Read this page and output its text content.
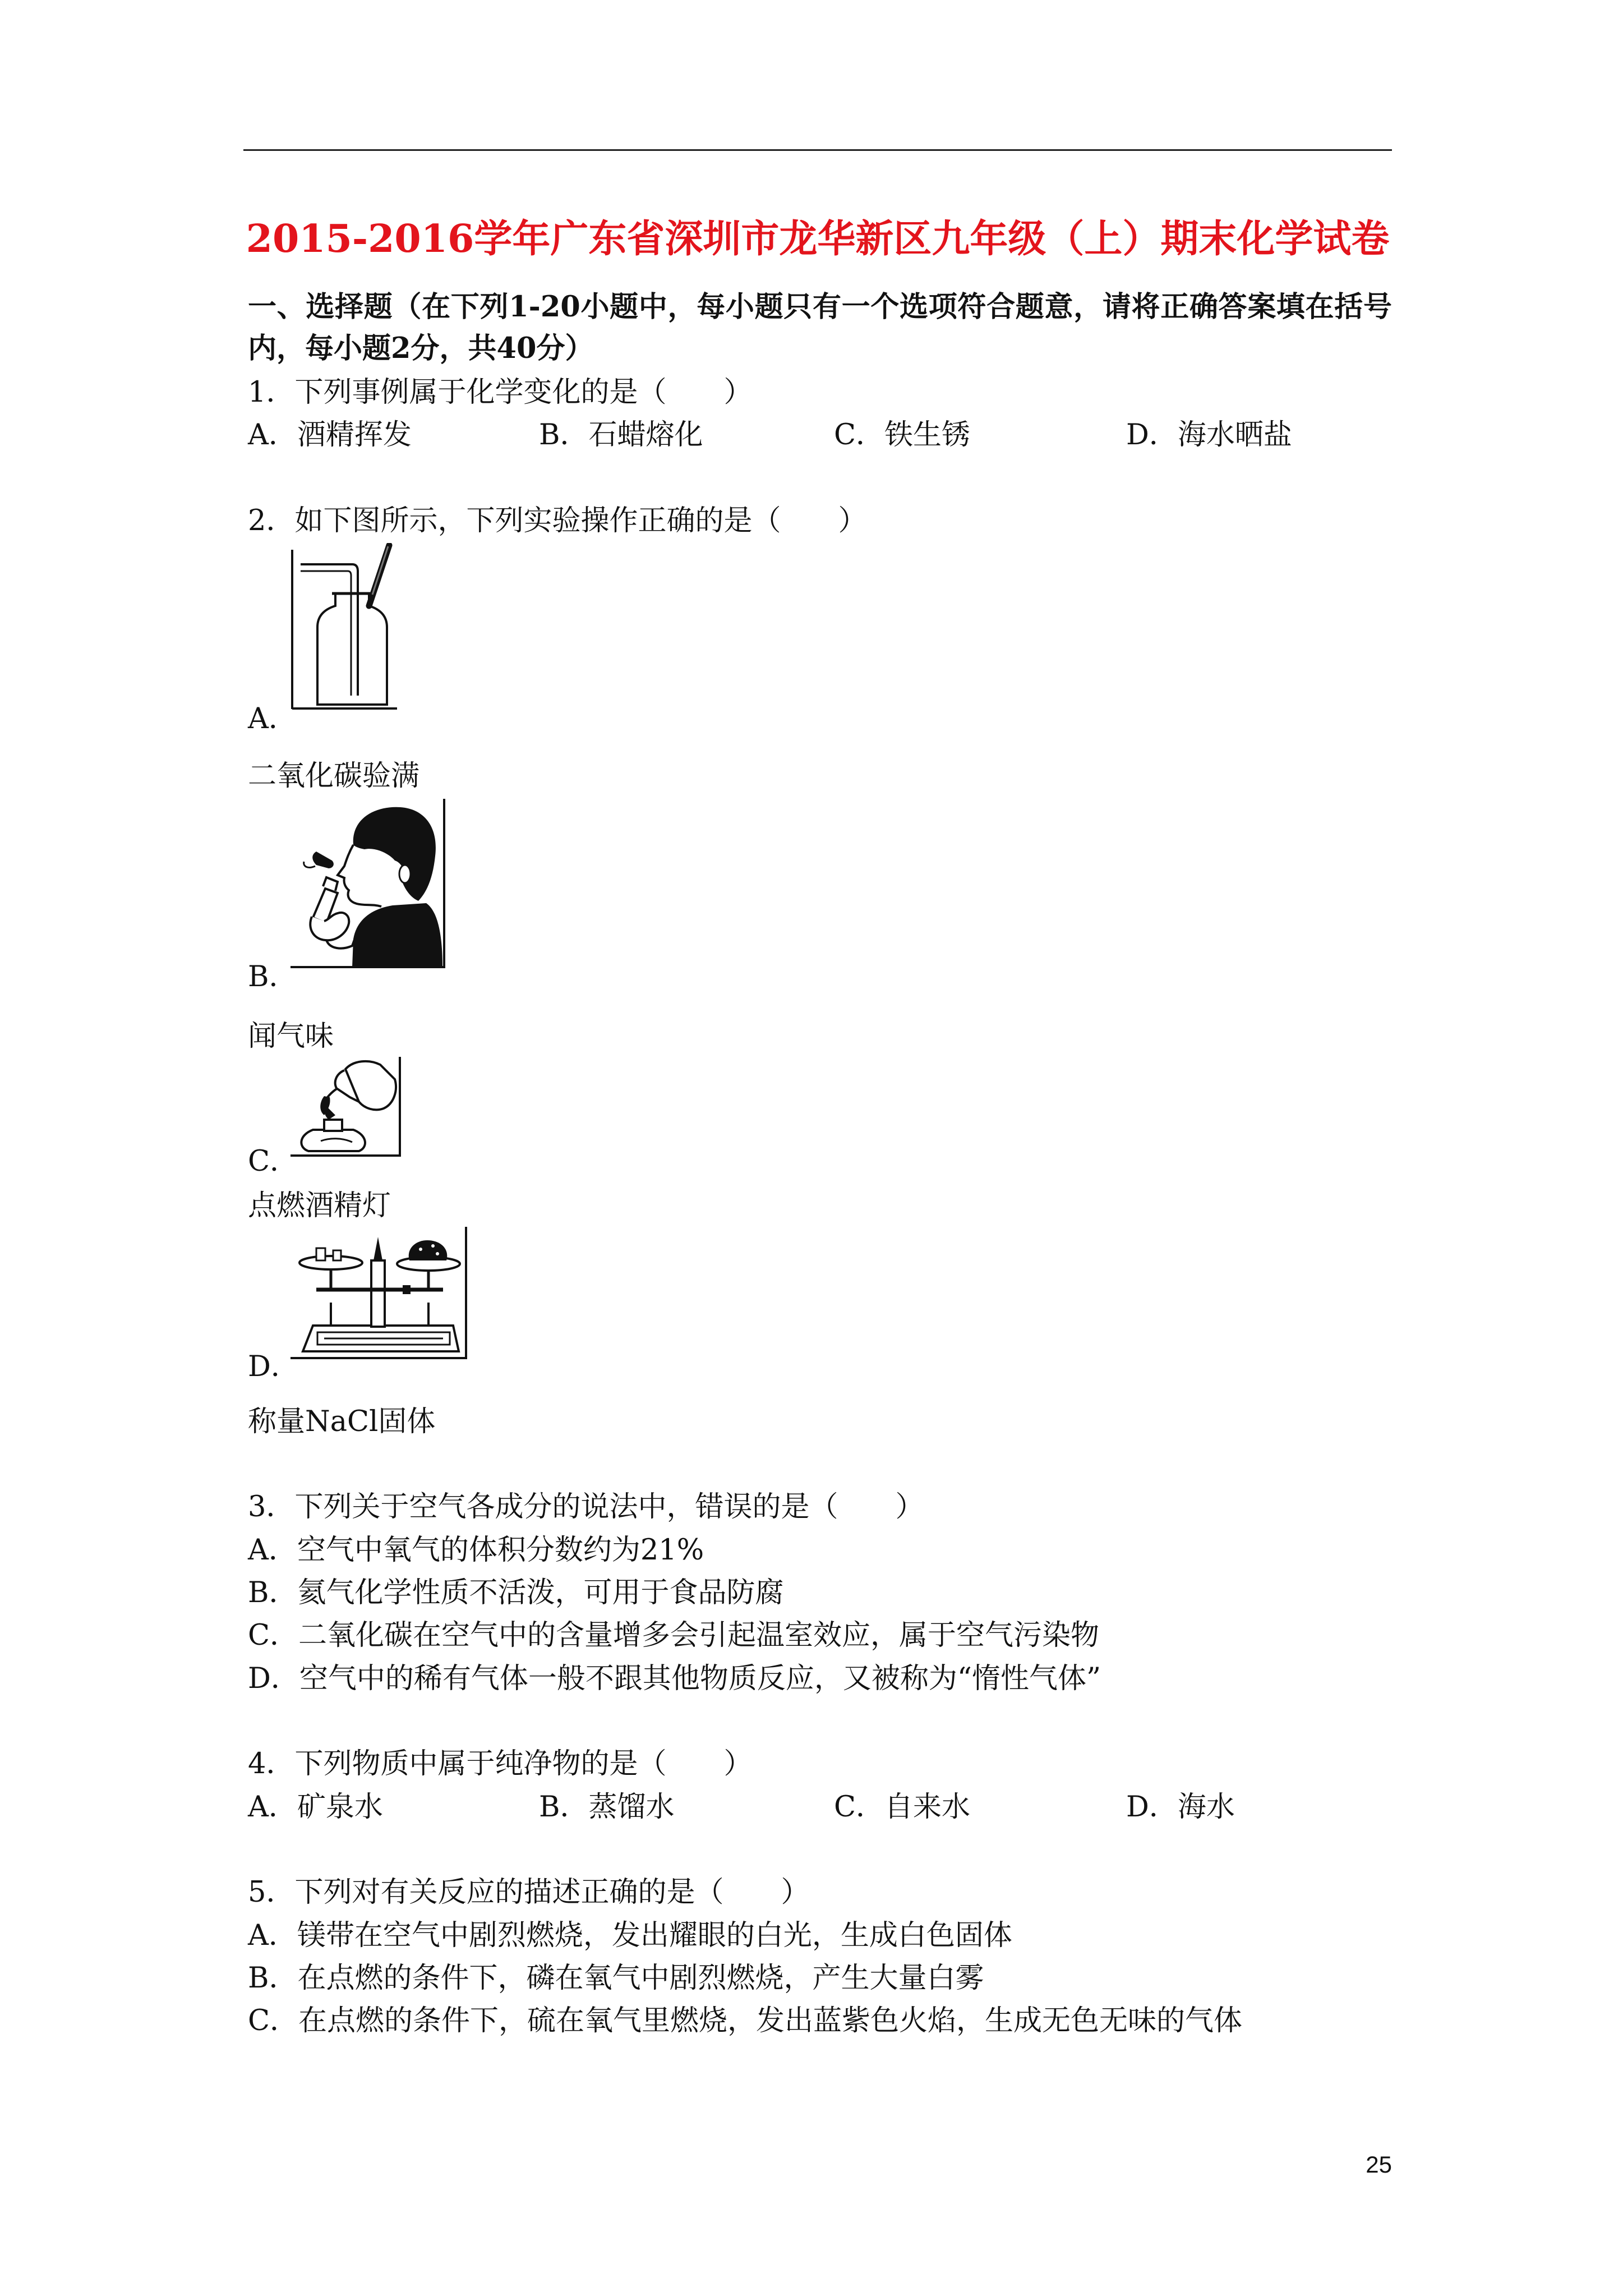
2015-2016学年广东省深圳市龙华新区九年级（上）期末化学试卷
一、选择题（在下列1-20小题中，每小题只有一个选项符合题意，请将正确答案填在括号
内，每小题2分，共40分）
1．下列事例属于化学变化的是（　　）
A．酒精挥发	B．石蜡熔化	C．铁生锈	D．海水晒盐
2．如下图所示，下列实验操作正确的是（　　）
A．
二氧化碳验满
B．
闻气味
C．
点燃酒精灯
D．
称量NaCl固体
3．下列关于空气各成分的说法中，错误的是（　　）
A．空气中氧气的体积分数约为21%
B．氦气化学性质不活泼，可用于食品防腐
C．二氧化碳在空气中的含量增多会引起温室效应，属于空气污染物
D．空气中的稀有气体一般不跟其他物质反应，又被称为“惰性气体”
4．下列物质中属于纯净物的是（　　）
A．矿泉水	B．蒸馏水	C．自来水	D．海水
5．下列对有关反应的描述正确的是（　　）
A．镁带在空气中剧烈燃烧，发出耀眼的白光，生成白色固体
B．在点燃的条件下，磷在氧气中剧烈燃烧，产生大量白雾
C．在点燃的条件下，硫在氧气里燃烧，发出蓝紫色火焰，生成无色无味的气体
25
